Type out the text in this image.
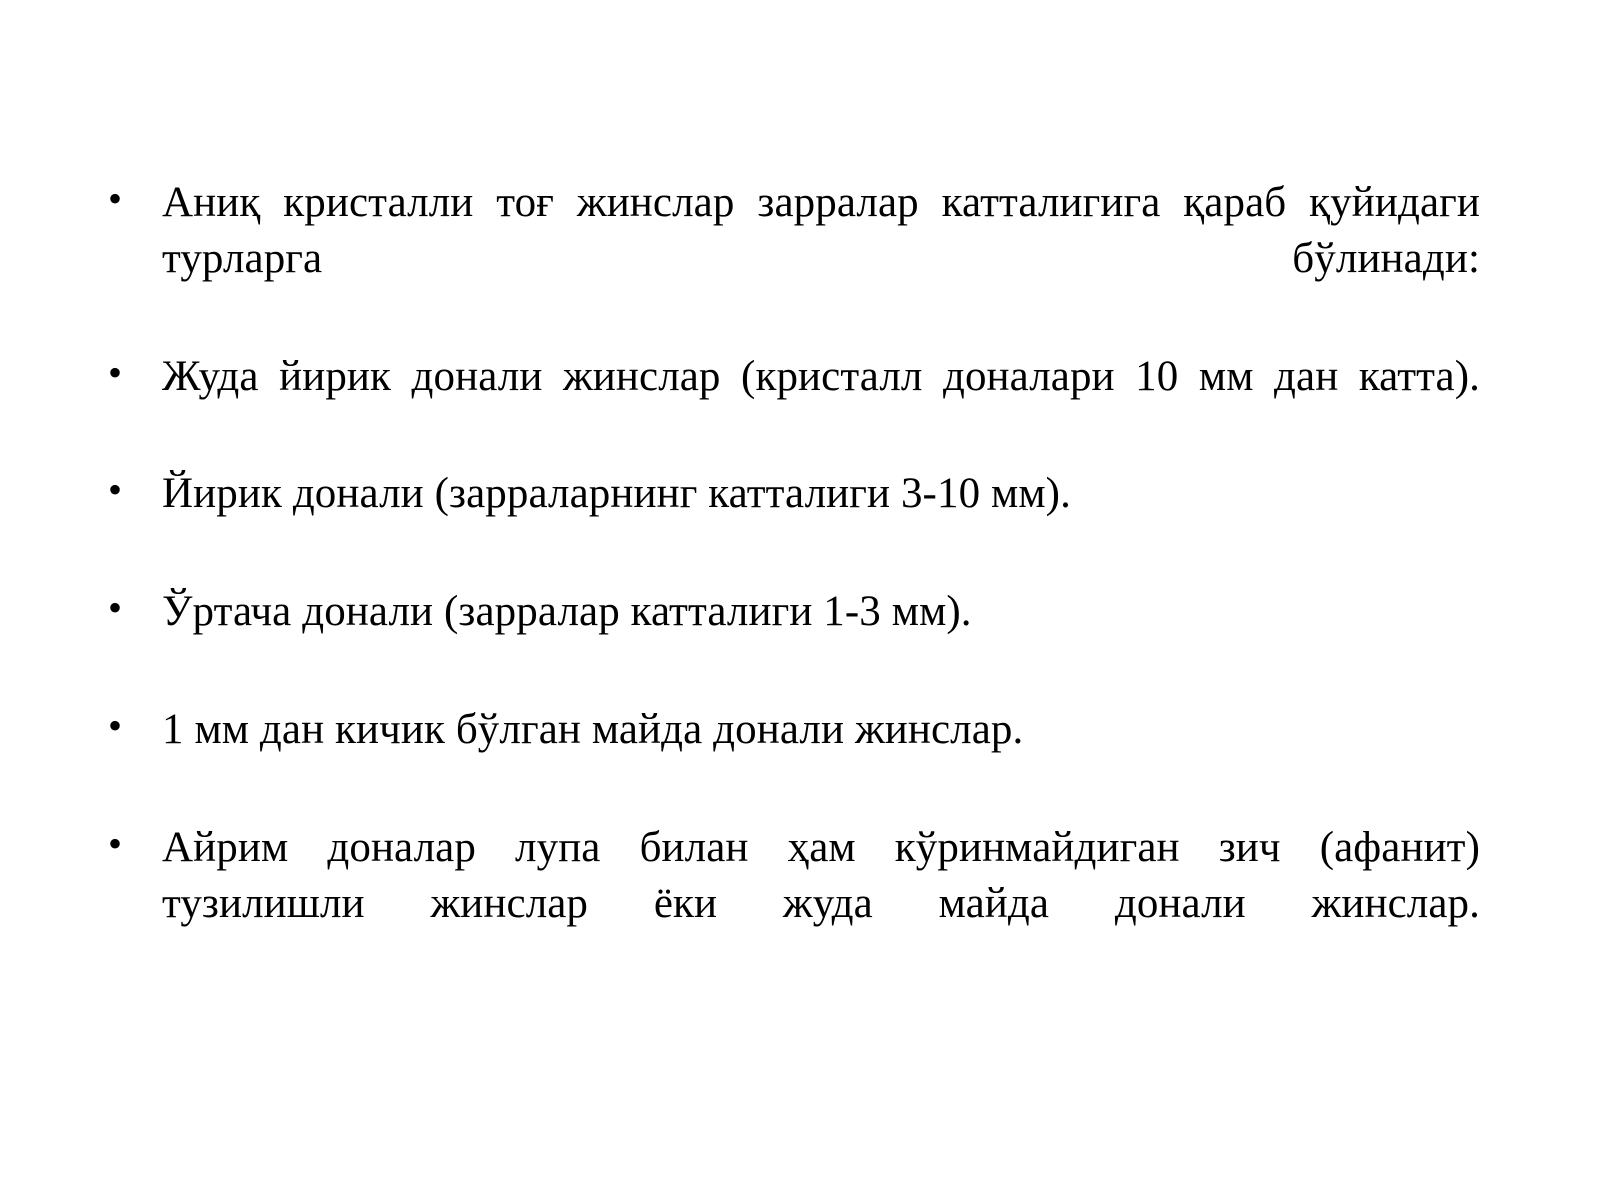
• Аниқ кристалли тоғ жинслар зарралар катталигига қараб қуйидаги турларга бўлинади:
• Жуда йирик донали жинслар (кристалл доналари 10 мм дан катта).
• Йирик донали (зарраларнинг катталиги 3-10 мм).
• Ўртача донали (зарралар катталиги 1-3 мм).
• 1 мм дан кичик бўлган майда донали жинслар.
• Айрим доналар лупа билан ҳам кўринмайдиган зич (афанит) тузилишли жинслар ёки жуда майда донали жинслар.
